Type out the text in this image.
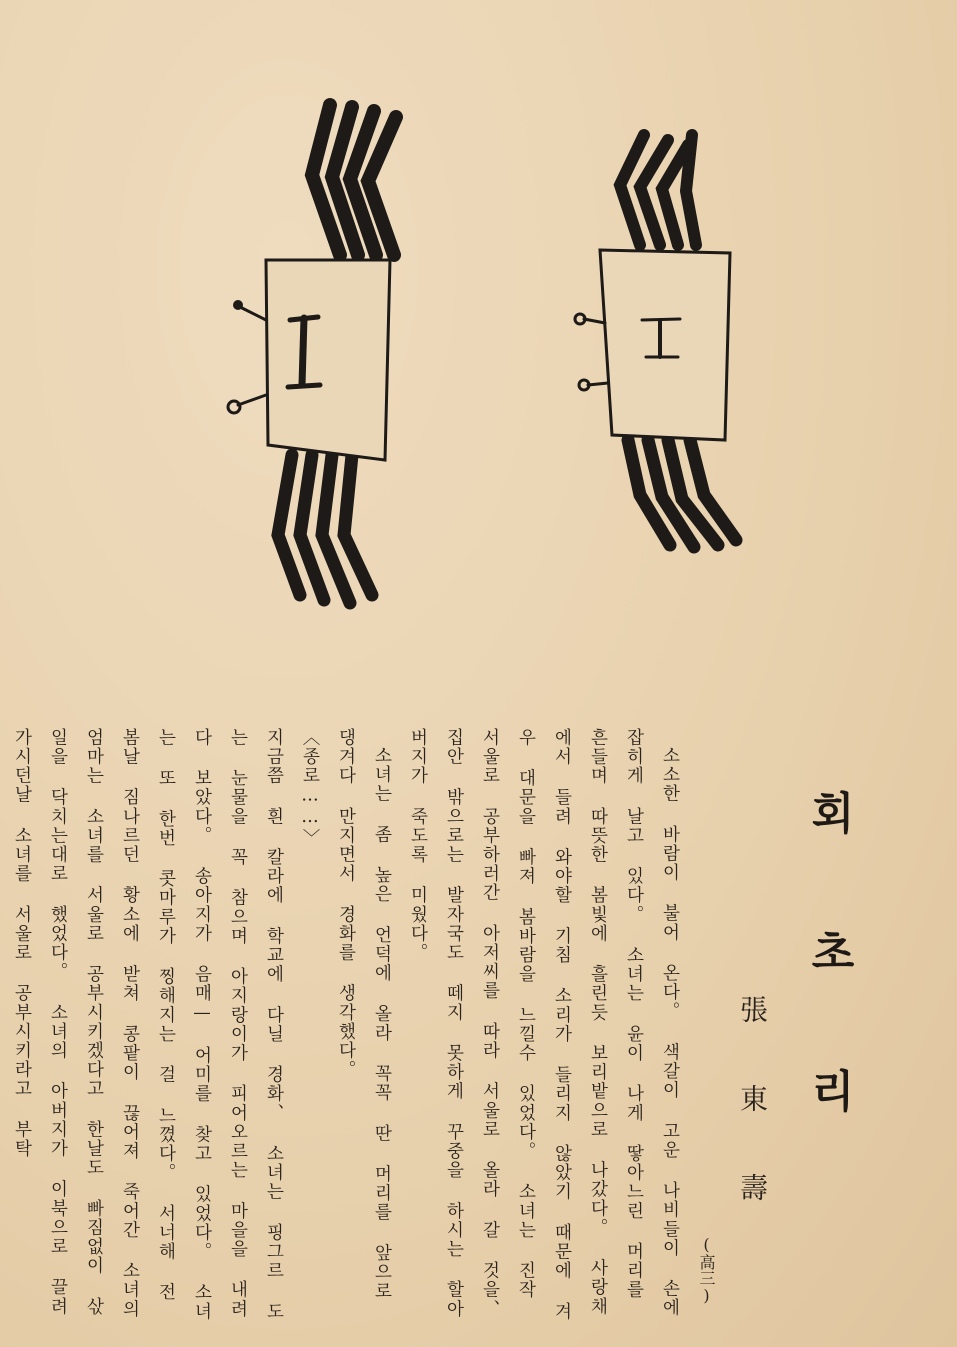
회 초 리
張 東 壽
(高三)

소소한 바람이 불어 온다。 색갈이 고운 나비들이 손에 잡히게 날고 있다。 소녀는 윤이 나게 땋아느린 머리를 흔들며 따뜻한 봄빛에 흘린듯 보리밭으로 나갔다。 사랑채에서 들려 와야할 기침 소리가 들리지 않았기 때문에 겨우 대문을 빠져 봄바람을 느낄수 있었다。 소녀는 진작 서울로 공부하러간 아저씨를 따라 서울로 올라 갈 것을、 집안 밖으로는 발자국도 떼지 못하게 꾸중을 하시는 할아버지가 죽도록 미웠다。

소녀는 좀 높은 언덕에 올라 꼭꼭 딴 머리를 앞으로 댕겨다 만지면서 경화를 생각했다。

〈종로……〉

지금쯤 흰 칼라에 학교에 다닐 경화、 소녀는 핑그르 도는 눈물을 꼭 참으며 아지랑이가 피어오르는 마을을 내려다 보았다。 송아지가 음매— 어미를 찾고 있었다。 소녀는 또 한번 콧마루가 찡해지는 걸 느꼈다。 서너해 전 봄날 짐나르던 황소에 받쳐 콩팥이 끊어져 죽어간 소녀의 엄마는 소녀를 서울로 공부시키겠다고 한날도 빠짐없이 삯일을 닥치는대로 했었다。 소녀의 아버지가 이북으로 끌려 가시던날 소녀를 서울로 공부시키라고 부탁
